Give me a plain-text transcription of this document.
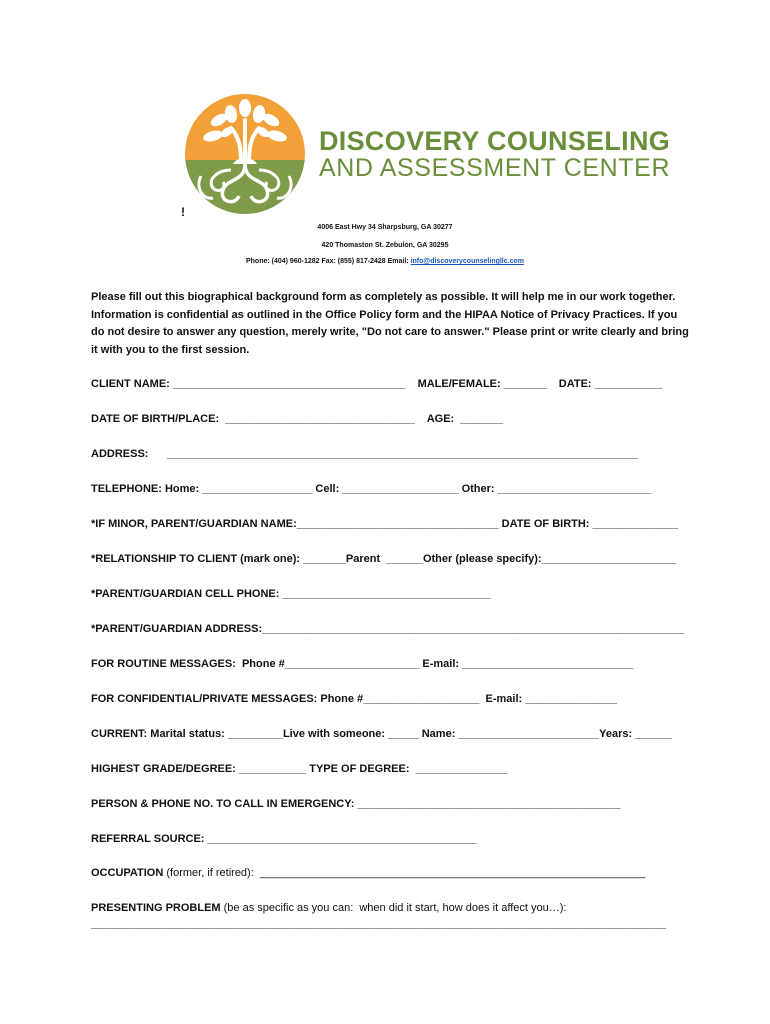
DISCOVERY COUNSELING
AND ASSESSMENT CENTER
!
4006 East Hwy 34 Sharpsburg, GA 30277
420 Thomaston St. Zebulon, GA 30295
Phone: (404) 960-1282 Fax: (855) 817-2428 Email: info@discoverycounselingllc.com
Please fill out this biographical background form as completely as possible. It will help me in our work together. Information is confidential as outlined in the Office Policy form and the HIPAA Notice of Privacy Practices. If you do not desire to answer any question, merely write, "Do not care to answer." Please print or write clearly and bring it with you to the first session.
CLIENT NAME: ______________________________________    MALE/FEMALE: _______    DATE: ___________
DATE OF BIRTH/PLACE:  _______________________________    AGE:  _______
ADDRESS:      _____________________________________________________________________________
TELEPHONE: Home: __________________ Cell: ___________________ Other: _________________________
*IF MINOR, PARENT/GUARDIAN NAME:_________________________________ DATE OF BIRTH: ______________
*RELATIONSHIP TO CLIENT (mark one): _______Parent  ______Other (please specify):______________________
*PARENT/GUARDIAN CELL PHONE: __________________________________
*PARENT/GUARDIAN ADDRESS:_____________________________________________________________________
FOR ROUTINE MESSAGES:  Phone #______________________ E-mail: ____________________________
FOR CONFIDENTIAL/PRIVATE MESSAGES: Phone #___________________  E-mail: _______________
CURRENT: Marital status: _________Live with someone: _____ Name: _______________________Years: ______
HIGHEST GRADE/DEGREE: ___________ TYPE OF DEGREE:  _______________
PERSON & PHONE NO. TO CALL IN EMERGENCY: ___________________________________________
REFERRAL SOURCE: ____________________________________________
OCCUPATION (former, if retired):  _______________________________________________________________
PRESENTING PROBLEM (be as specific as you can:  when did it start, how does it affect you…):
______________________________________________________________________________________________
